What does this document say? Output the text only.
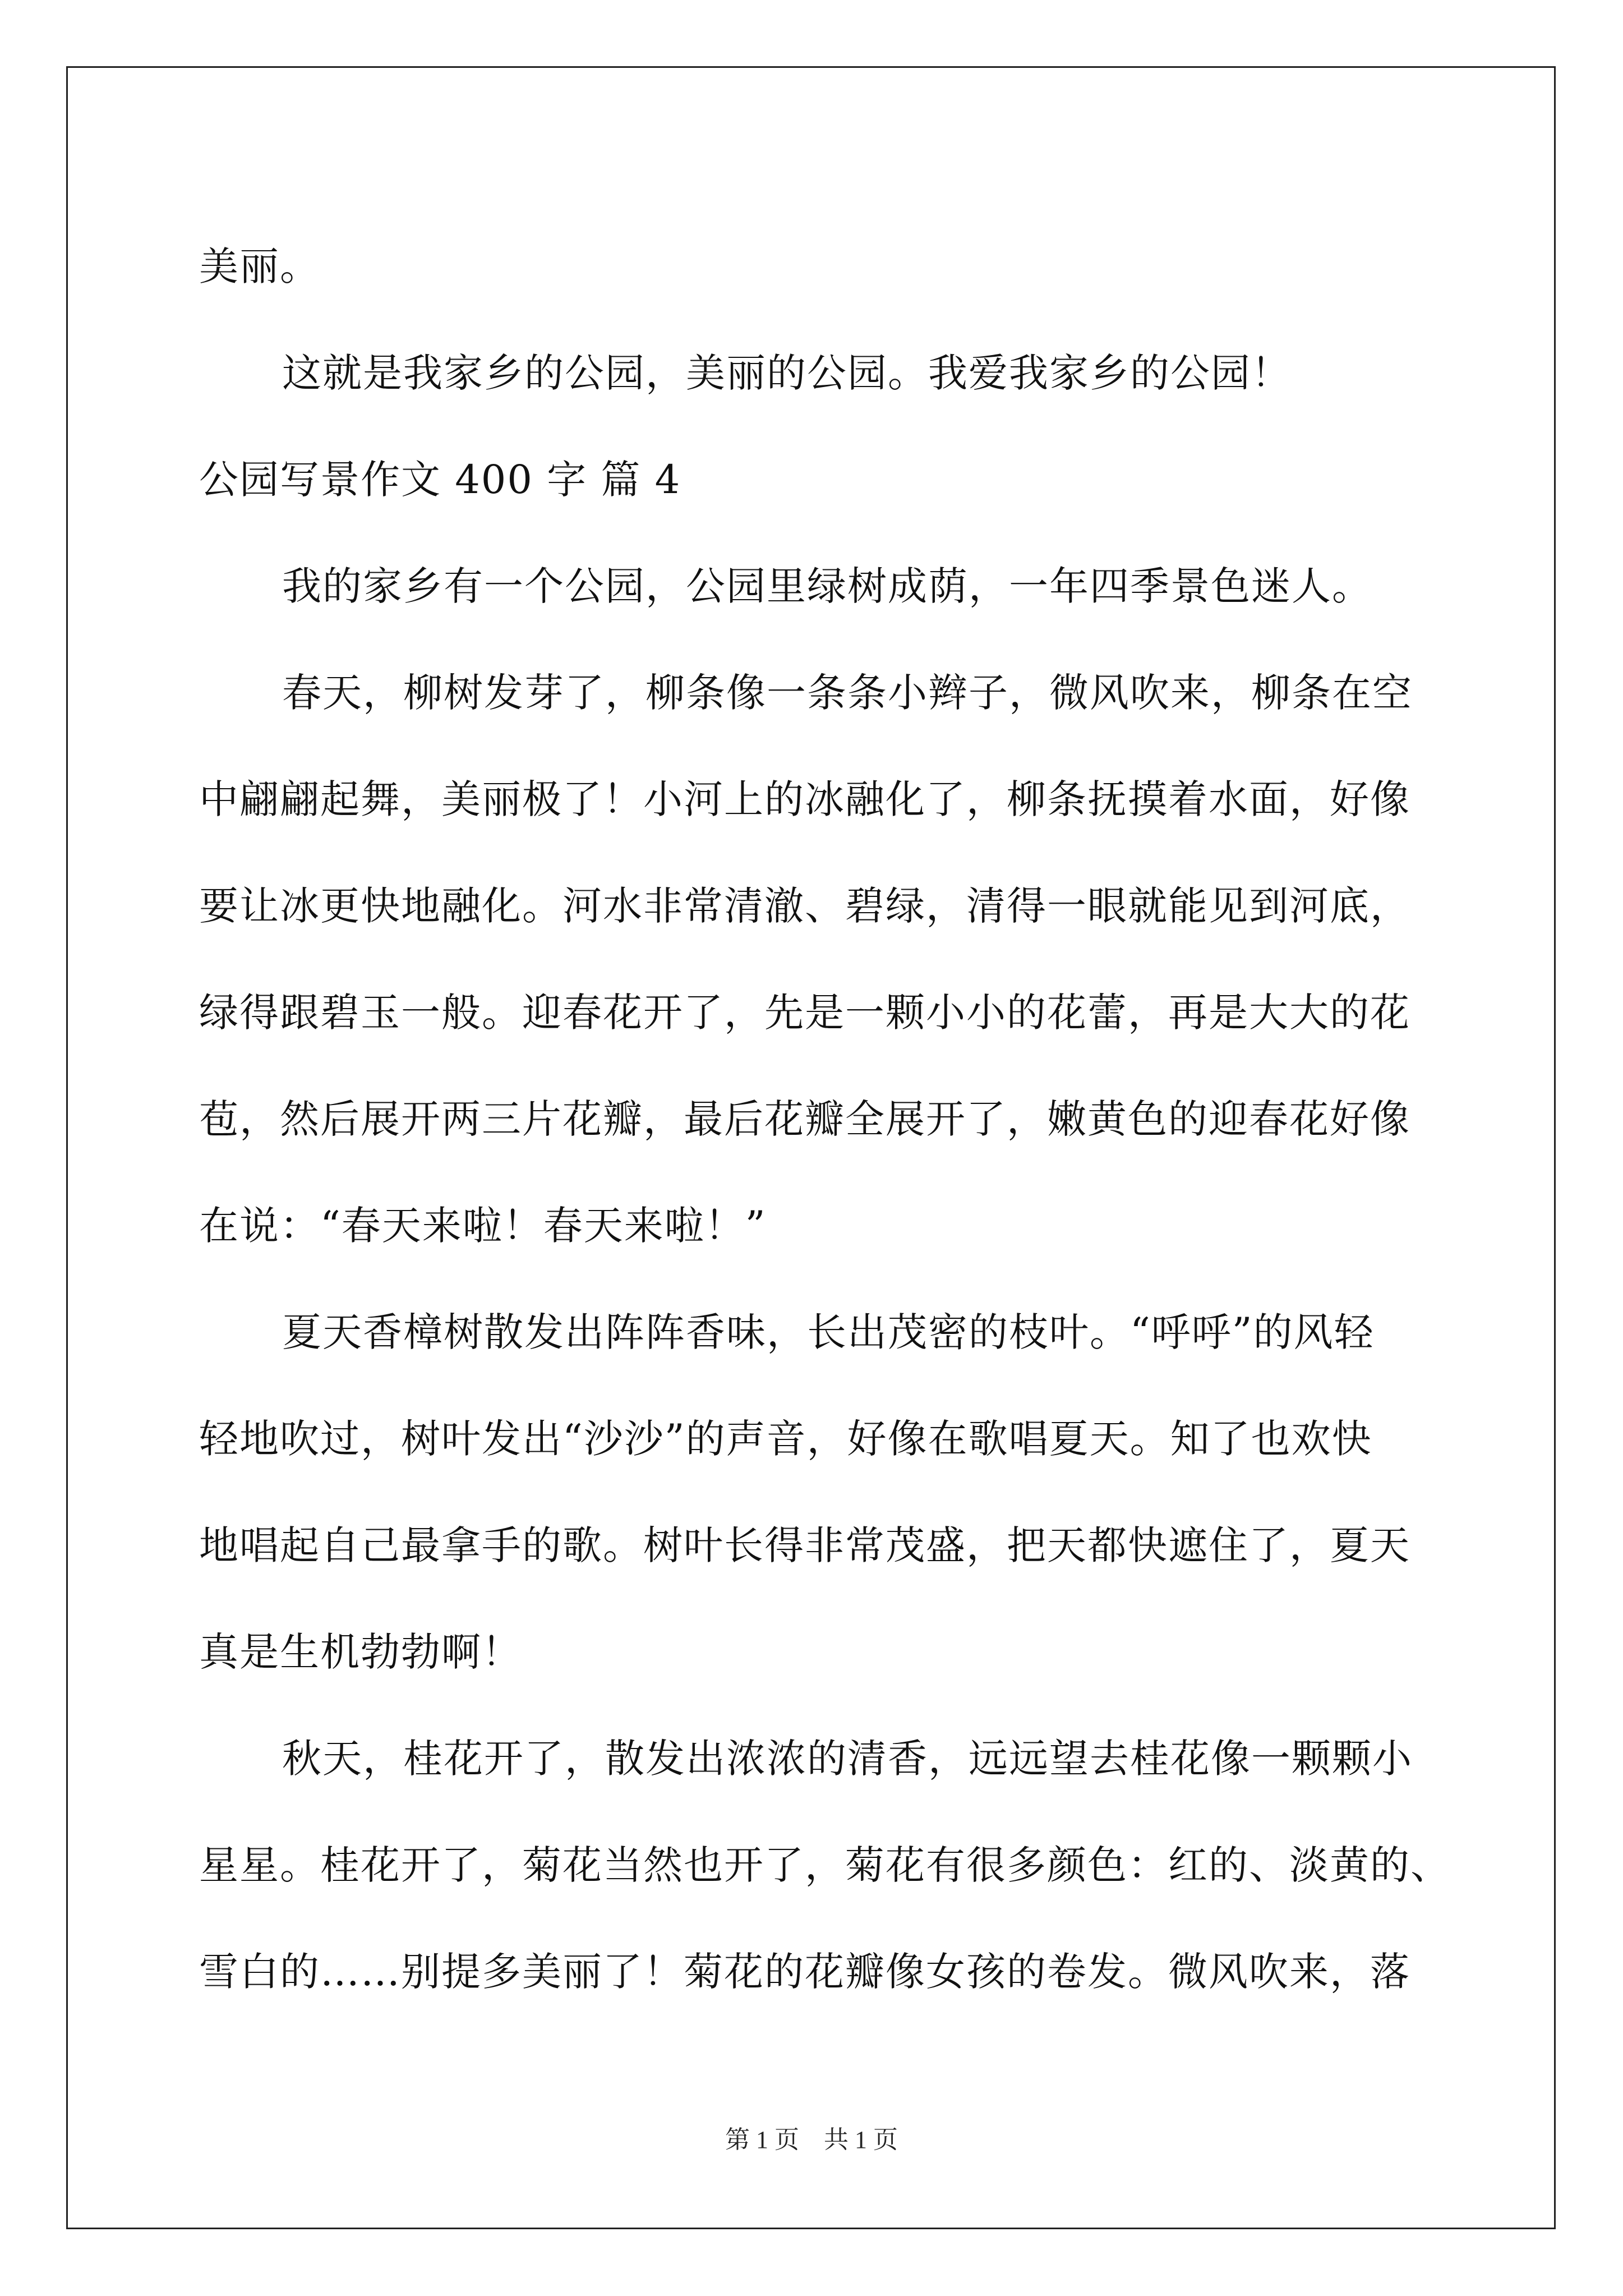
美丽。
这就是我家乡的公园，美丽的公园。我爱我家乡的公园！
公园写景作文 400 字 篇 4
我的家乡有一个公园，公园里绿树成荫，一年四季景色迷人。
春天，柳树发芽了，柳条像一条条小辫子，微风吹来，柳条在空
中翩翩起舞，美丽极了！小河上的冰融化了，柳条抚摸着水面，好像
要让冰更快地融化。河水非常清澈、碧绿，清得一眼就能见到河底，
绿得跟碧玉一般。迎春花开了，先是一颗小小的花蕾，再是大大的花
苞，然后展开两三片花瓣，最后花瓣全展开了，嫩黄色的迎春花好像
在说：“春天来啦！春天来啦！”
夏天香樟树散发出阵阵香味，长出茂密的枝叶。“呼呼”的风轻
轻地吹过，树叶发出“沙沙”的声音，好像在歌唱夏天。知了也欢快
地唱起自己最拿手的歌。树叶长得非常茂盛，把天都快遮住了，夏天
真是生机勃勃啊！
秋天，桂花开了，散发出浓浓的清香，远远望去桂花像一颗颗小
星星。桂花开了，菊花当然也开了，菊花有很多颜色：红的、淡黄的、
雪白的……别提多美丽了！菊花的花瓣像女孩的卷发。微风吹来，落
第 1 页    共 1 页
